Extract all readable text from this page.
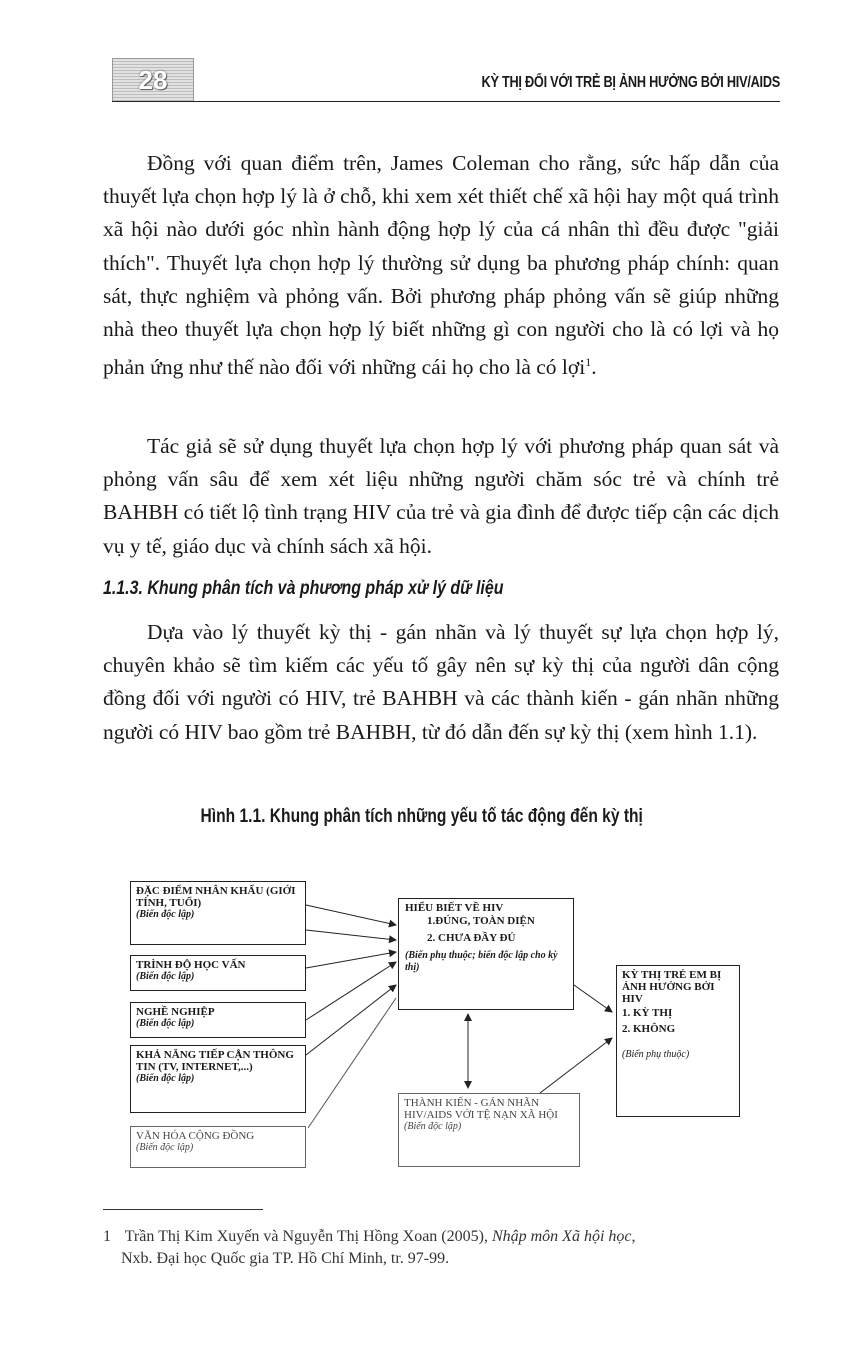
28	KỲ THỊ ĐỐI VỚI TRẺ BỊ ẢNH HƯỞNG BỞI HIV/AIDS

Đồng với quan điểm trên, James Coleman cho rằng, sức hấp dẫn của thuyết lựa chọn hợp lý là ở chỗ, khi xem xét thiết chế xã hội hay một quá trình xã hội nào dưới góc nhìn hành động hợp lý của cá nhân thì đều được "giải thích". Thuyết lựa chọn hợp lý thường sử dụng ba phương pháp chính: quan sát, thực nghiệm và phỏng vấn. Bởi phương pháp phỏng vấn sẽ giúp những nhà theo thuyết lựa chọn hợp lý biết những gì con người cho là có lợi và họ phản ứng như thế nào đối với những cái họ cho là có lợi$^1$.

Tác giả sẽ sử dụng thuyết lựa chọn hợp lý với phương pháp quan sát và phỏng vấn sâu để xem xét liệu những người chăm sóc trẻ và chính trẻ BAHBH có tiết lộ tình trạng HIV của trẻ và gia đình để được tiếp cận các dịch vụ y tế, giáo dục và chính sách xã hội.

1.1.3. Khung phân tích và phương pháp xử lý dữ liệu

Dựa vào lý thuyết kỳ thị - gán nhãn và lý thuyết sự lựa chọn hợp lý, chuyên khảo sẽ tìm kiếm các yếu tố gây nên sự kỳ thị của người dân cộng đồng đối với người có HIV, trẻ BAHBH và các thành kiến - gán nhãn những người có HIV bao gồm trẻ BAHBH, từ đó dẫn đến sự kỳ thị (xem hình 1.1).

Hình 1.1. Khung phân tích những yếu tố tác động đến kỳ thị
ĐẶC ĐIỂM NHÂN KHẨU (GIỚI TÍNH, TUỔI)
(Biến độc lập)
TRÌNH ĐỘ HỌC VẤN
(Biến độc lập)
NGHỀ NGHIỆP
(Biến độc lập)
KHẢ NĂNG TIẾP CẬN THÔNG TIN (TV, INTERNET,...)
(Biến độc lập)
VĂN HÓA CỘNG ĐỒNG
(Biến độc lập)
HIỂU BIẾT VỀ HIV
1.ĐÚNG, TOÀN DIỆN
2. CHƯA ĐẦY ĐỦ
(Biến phụ thuộc; biến độc lập cho kỳ thị)
THÀNH KIẾN - GÁN NHÃN HIV/AIDS VỚI TỆ NẠN XÃ HỘI
(Biến độc lập)
KỲ THỊ TRẺ EM BỊ ẢNH HƯỞNG BỞI HIV
1. KỲ THỊ
2. KHÔNG
(Biến phụ thuộc)
1 Trần Thị Kim Xuyến và Nguyễn Thị Hồng Xoan (2005), Nhập môn Xã hội học,
Nxb. Đại học Quốc gia TP. Hồ Chí Minh, tr. 97-99.
